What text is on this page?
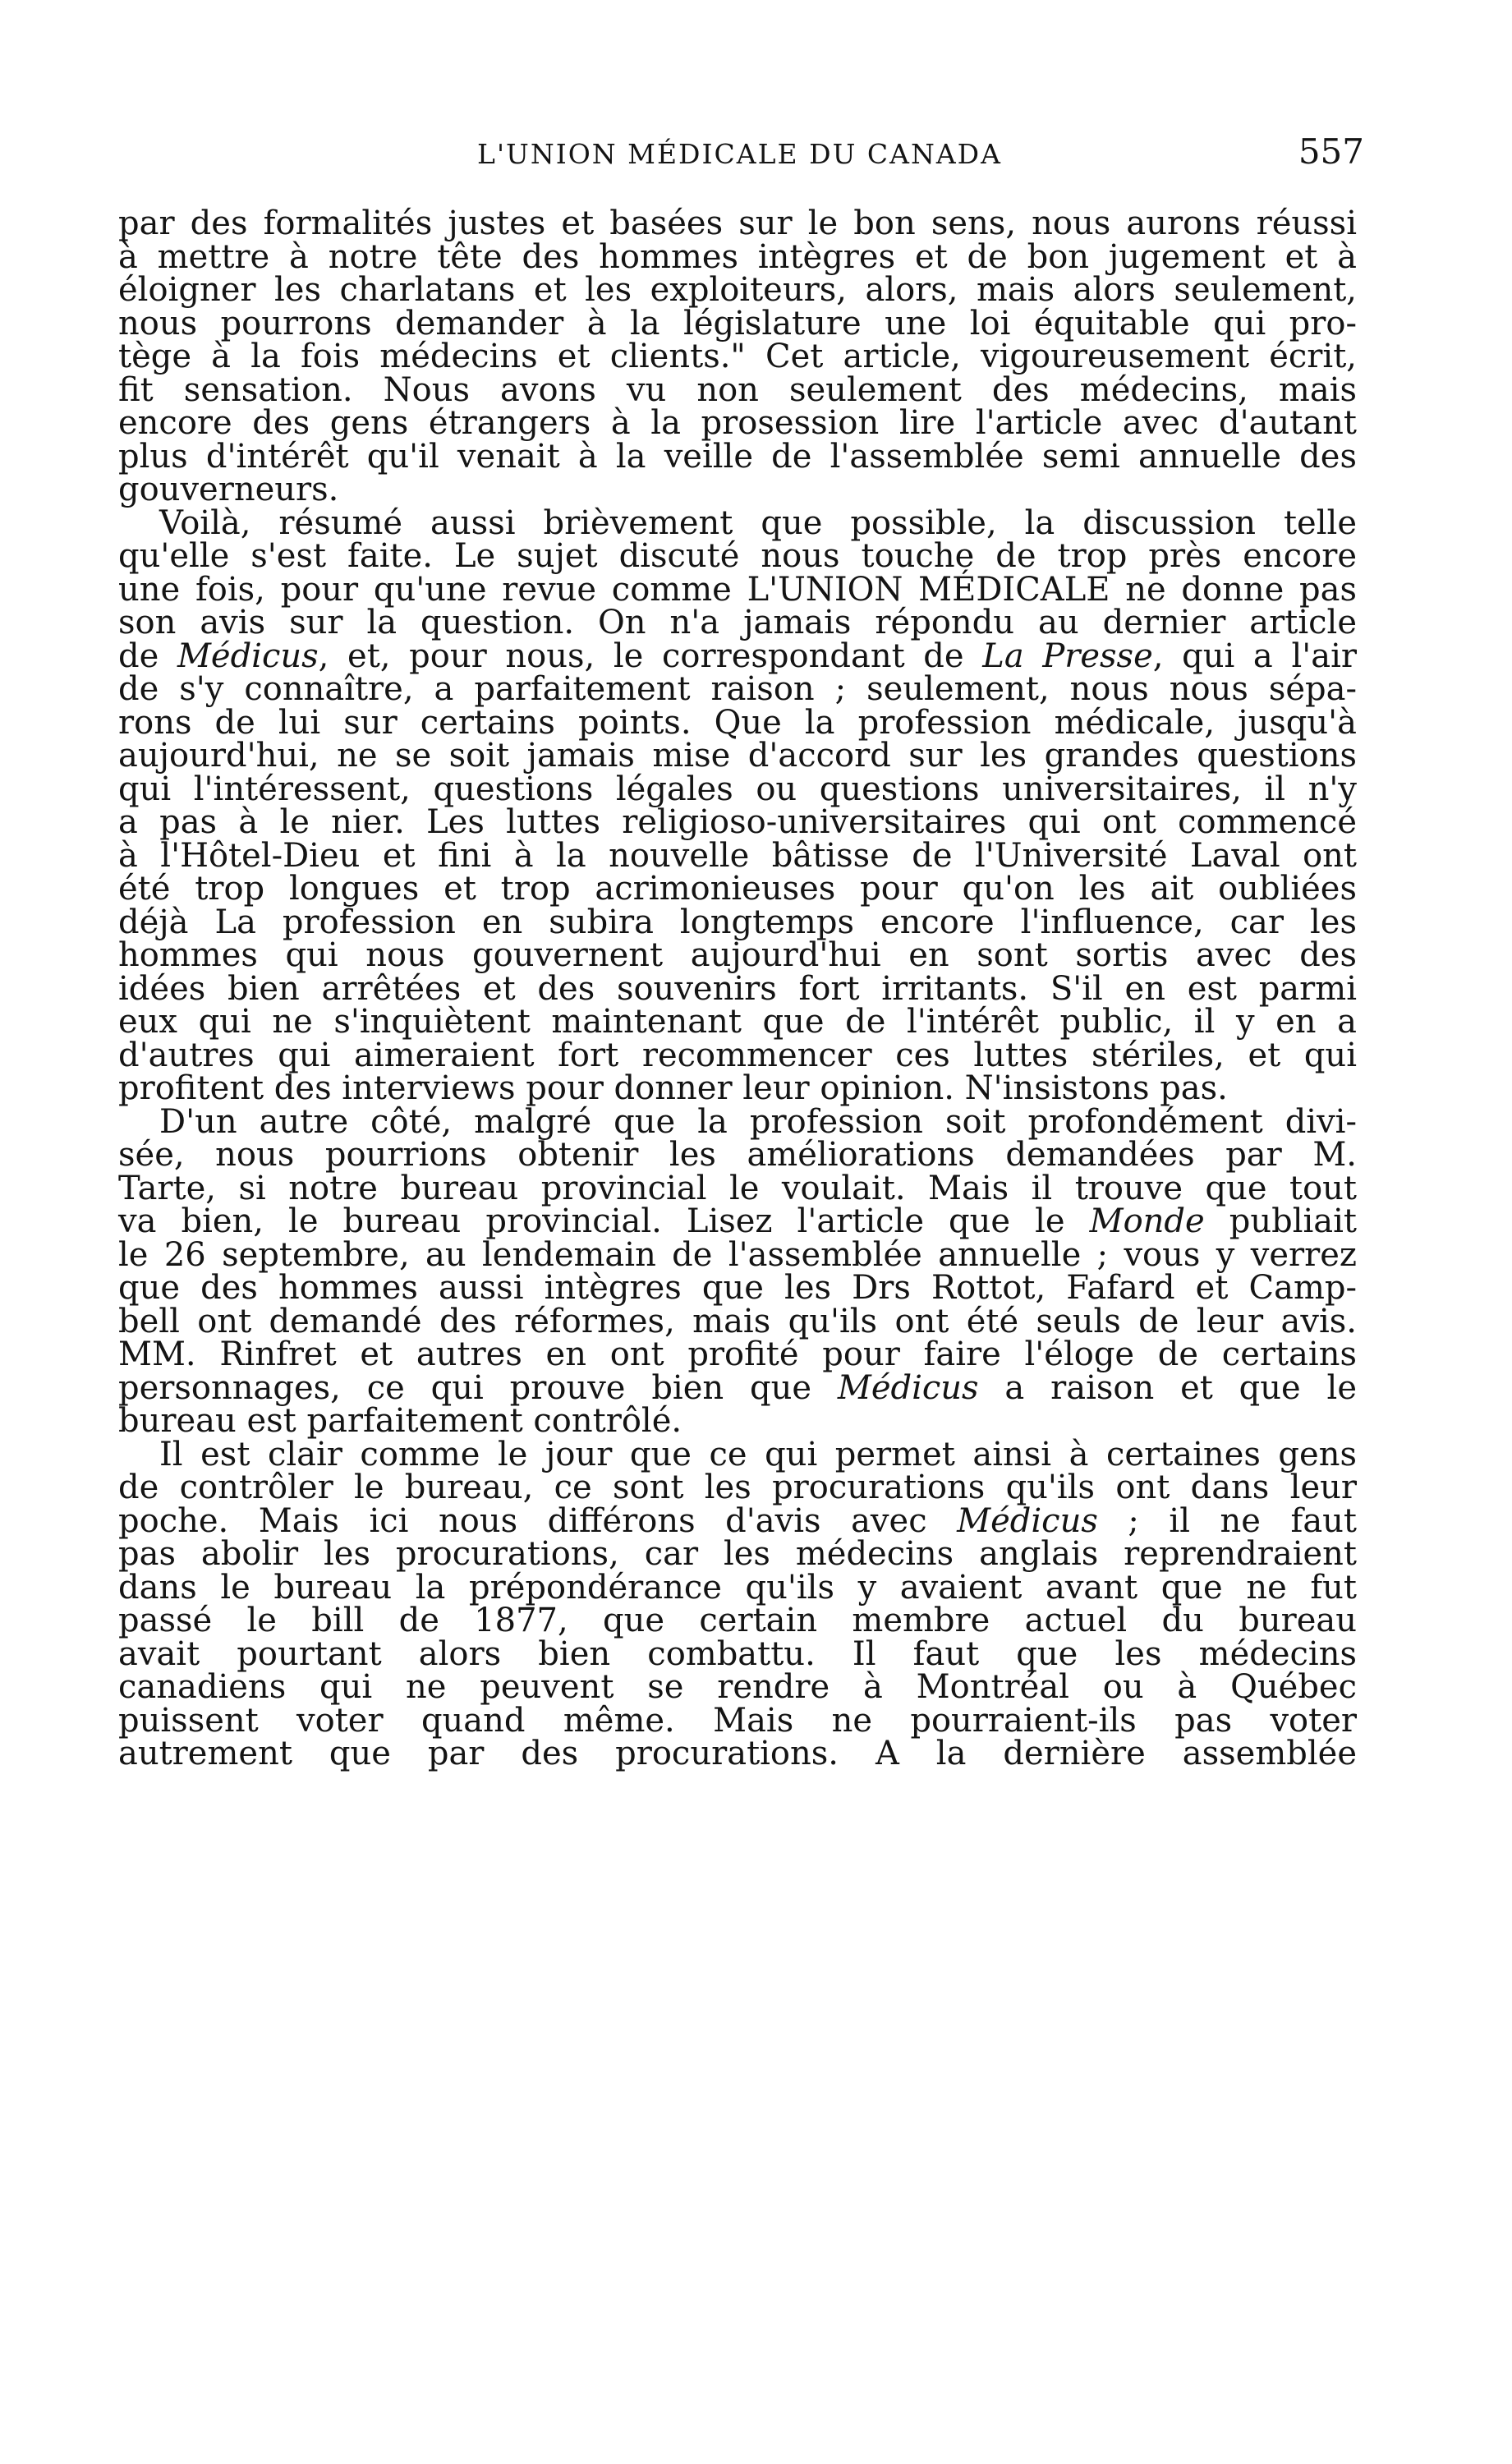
L'UNION MÉDICALE DU CANADA	557
par des formalités justes et basées sur le bon sens, nous aurons réussi
à mettre à notre tête des hommes intègres et de bon jugement et à
éloigner les charlatans et les exploiteurs, alors, mais alors seulement,
nous pourrons demander à la législature une loi équitable qui pro-
tège à la fois médecins et clients." Cet article, vigoureusement écrit,
fit sensation. Nous avons vu non seulement des médecins, mais
encore des gens étrangers à la prosession lire l'article avec d'autant
plus d'intérêt qu'il venait à la veille de l'assemblée semi annuelle des
gouverneurs.
Voilà, résumé aussi brièvement que possible, la discussion telle
qu'elle s'est faite. Le sujet discuté nous touche de trop près encore
une fois, pour qu'une revue comme L'UNION MÉDICALE ne donne pas
son avis sur la question. On n'a jamais répondu au dernier article
de Médicus, et, pour nous, le correspondant de La Presse, qui a l'air
de s'y connaître, a parfaitement raison ; seulement, nous nous sépa-
rons de lui sur certains points. Que la profession médicale, jusqu'à
aujourd'hui, ne se soit jamais mise d'accord sur les grandes questions
qui l'intéressent, questions légales ou questions universitaires, il n'y
a pas à le nier. Les luttes religioso-universitaires qui ont commencé
à l'Hôtel-Dieu et fini à la nouvelle bâtisse de l'Université Laval ont
été trop longues et trop acrimonieuses pour qu'on les ait oubliées
déjà La profession en subira longtemps encore l'influence, car les
hommes qui nous gouvernent aujourd'hui en sont sortis avec des
idées bien arrêtées et des souvenirs fort irritants. S'il en est parmi
eux qui ne s'inquiètent maintenant que de l'intérêt public, il y en a
d'autres qui aimeraient fort recommencer ces luttes stériles, et qui
profitent des interviews pour donner leur opinion. N'insistons pas.
D'un autre côté, malgré que la profession soit profondément divi-
sée, nous pourrions obtenir les améliorations demandées par M.
Tarte, si notre bureau provincial le voulait. Mais il trouve que tout
va bien, le bureau provincial. Lisez l'article que le Monde publiait
le 26 septembre, au lendemain de l'assemblée annuelle ; vous y verrez
que des hommes aussi intègres que les Drs Rottot, Fafard et Camp-
bell ont demandé des réformes, mais qu'ils ont été seuls de leur avis.
MM. Rinfret et autres en ont profité pour faire l'éloge de certains
personnages, ce qui prouve bien que Médicus a raison et que le
bureau est parfaitement contrôlé.
Il est clair comme le jour que ce qui permet ainsi à certaines gens
de contrôler le bureau, ce sont les procurations qu'ils ont dans leur
poche. Mais ici nous différons d'avis avec Médicus ; il ne faut
pas abolir les procurations, car les médecins anglais reprendraient
dans le bureau la prépondérance qu'ils y avaient avant que ne fut
passé le bill de 1877, que certain membre actuel du bureau
avait pourtant alors bien combattu. Il faut que les médecins
canadiens qui ne peuvent se rendre à Montréal ou à Québec
puissent voter quand même. Mais ne pourraient-ils pas voter
autrement que par des procurations. A la dernière assemblée
